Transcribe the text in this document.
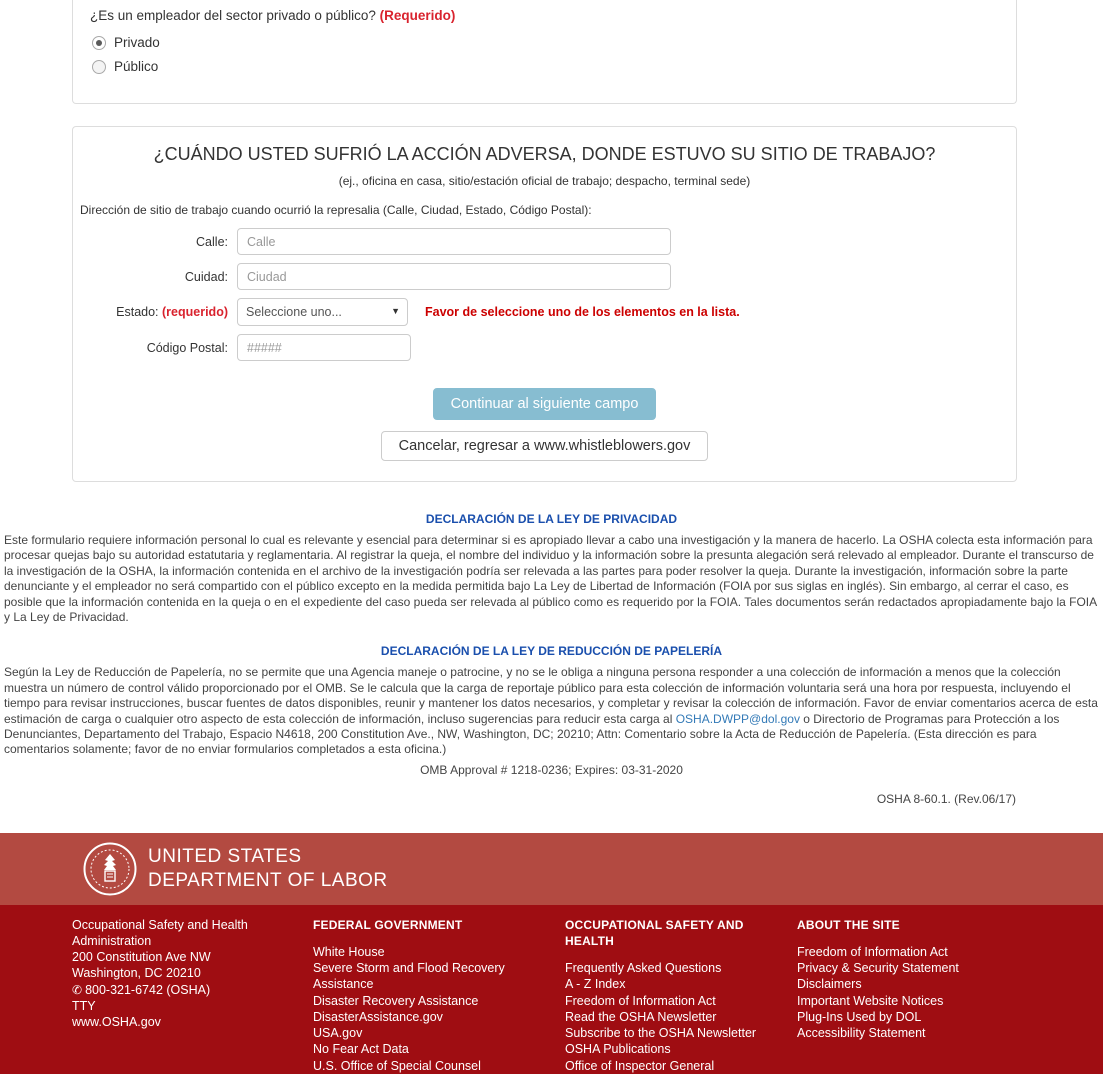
¿Es un empleador del sector privado o público? (Requerido)
Privado
Público
¿CUÁNDO USTED SUFRIÓ LA ACCIÓN ADVERSA, DONDE ESTUVO SU SITIO DE TRABAJO?
(ej., oficina en casa, sitio/estación oficial de trabajo; despacho, terminal sede)
Dirección de sitio de trabajo cuando ocurrió la represalia (Calle, Ciudad, Estado, Código Postal):
Calle:
Calle
Cuidad:
Ciudad
Estado: (requerido)
Seleccione uno...	▼ Favor de seleccione uno de los elementos en la lista.
Código Postal:
#####
Continuar al siguiente campo
Cancelar, regresar a www.whistleblowers.gov
DECLARACIÓN DE LA LEY DE PRIVACIDAD

Este formulario requiere información personal lo cual es relevante y esencial para determinar si es apropiado llevar a cabo una investigación y la manera de hacerlo. La OSHA colecta esta información para procesar quejas bajo su autoridad estatutaria y reglamentaria. Al registrar la queja, el nombre del individuo y la información sobre la presunta alegación será relevado al empleador. Durante el transcurso de la investigación de la OSHA, la información contenida en el archivo de la investigación podría ser relevada a las partes para poder resolver la queja. Durante la investigación, información sobre la parte denunciante y el empleador no será compartido con el público excepto en la medida permitida bajo La Ley de Libertad de Información (FOIA por sus siglas en inglés). Sin embargo, al cerrar el caso, es posible que la información contenida en la queja o en el expediente del caso pueda ser relevada al público como es requerido por la FOIA. Tales documentos serán redactados apropiadamente bajo la FOIA y La Ley de Privacidad.

DECLARACIÓN DE LA LEY DE REDUCCIÓN DE PAPELERÍA

Según la Ley de Reducción de Papelería, no se permite que una Agencia maneje o patrocine, y no se le obliga a ninguna persona responder a una colección de información a menos que la colección muestra un número de control válido proporcionado por el OMB. Se le calcula que la carga de reportaje público para esta colección de información voluntaria será una hora por respuesta, incluyendo el tiempo para revisar instrucciones, buscar fuentes de datos disponibles, reunir y mantener los datos necesarios, y completar y revisar la colección de información. Favor de enviar comentarios acerca de esta estimación de carga o cualquier otro aspecto de esta colección de información, incluso sugerencias para reducir esta carga al OSHA.DWPP@dol.gov o Directorio de Programas para Protección a los Denunciantes, Departamento del Trabajo, Espacio N4618, 200 Constitution Ave., NW, Washington, DC; 20210; Attn: Comentario sobre la Acta de Reducción de Papelería. (Esta dirección es para comentarios solamente; favor de no enviar formularios completados a esta oficina.)

OMB Approval # 1218-0236; Expires: 03-31-2020
OSHA 8-60.1. (Rev.06/17)
UNITED STATES
DEPARTMENT OF LABOR
Occupational Safety and Health Administration
200 Constitution Ave NW
Washington, DC 20210
✆ 800-321-6742 (OSHA)
TTY
www.OSHA.gov
FEDERAL GOVERNMENT
White House
Severe Storm and Flood Recovery Assistance
Disaster Recovery Assistance
DisasterAssistance.gov
USA.gov
No Fear Act Data
U.S. Office of Special Counsel
OCCUPATIONAL SAFETY AND HEALTH
Frequently Asked Questions
A - Z Index
Freedom of Information Act
Read the OSHA Newsletter
Subscribe to the OSHA Newsletter
OSHA Publications
Office of Inspector General
ABOUT THE SITE
Freedom of Information Act
Privacy & Security Statement
Disclaimers
Important Website Notices
Plug-Ins Used by DOL
Accessibility Statement
